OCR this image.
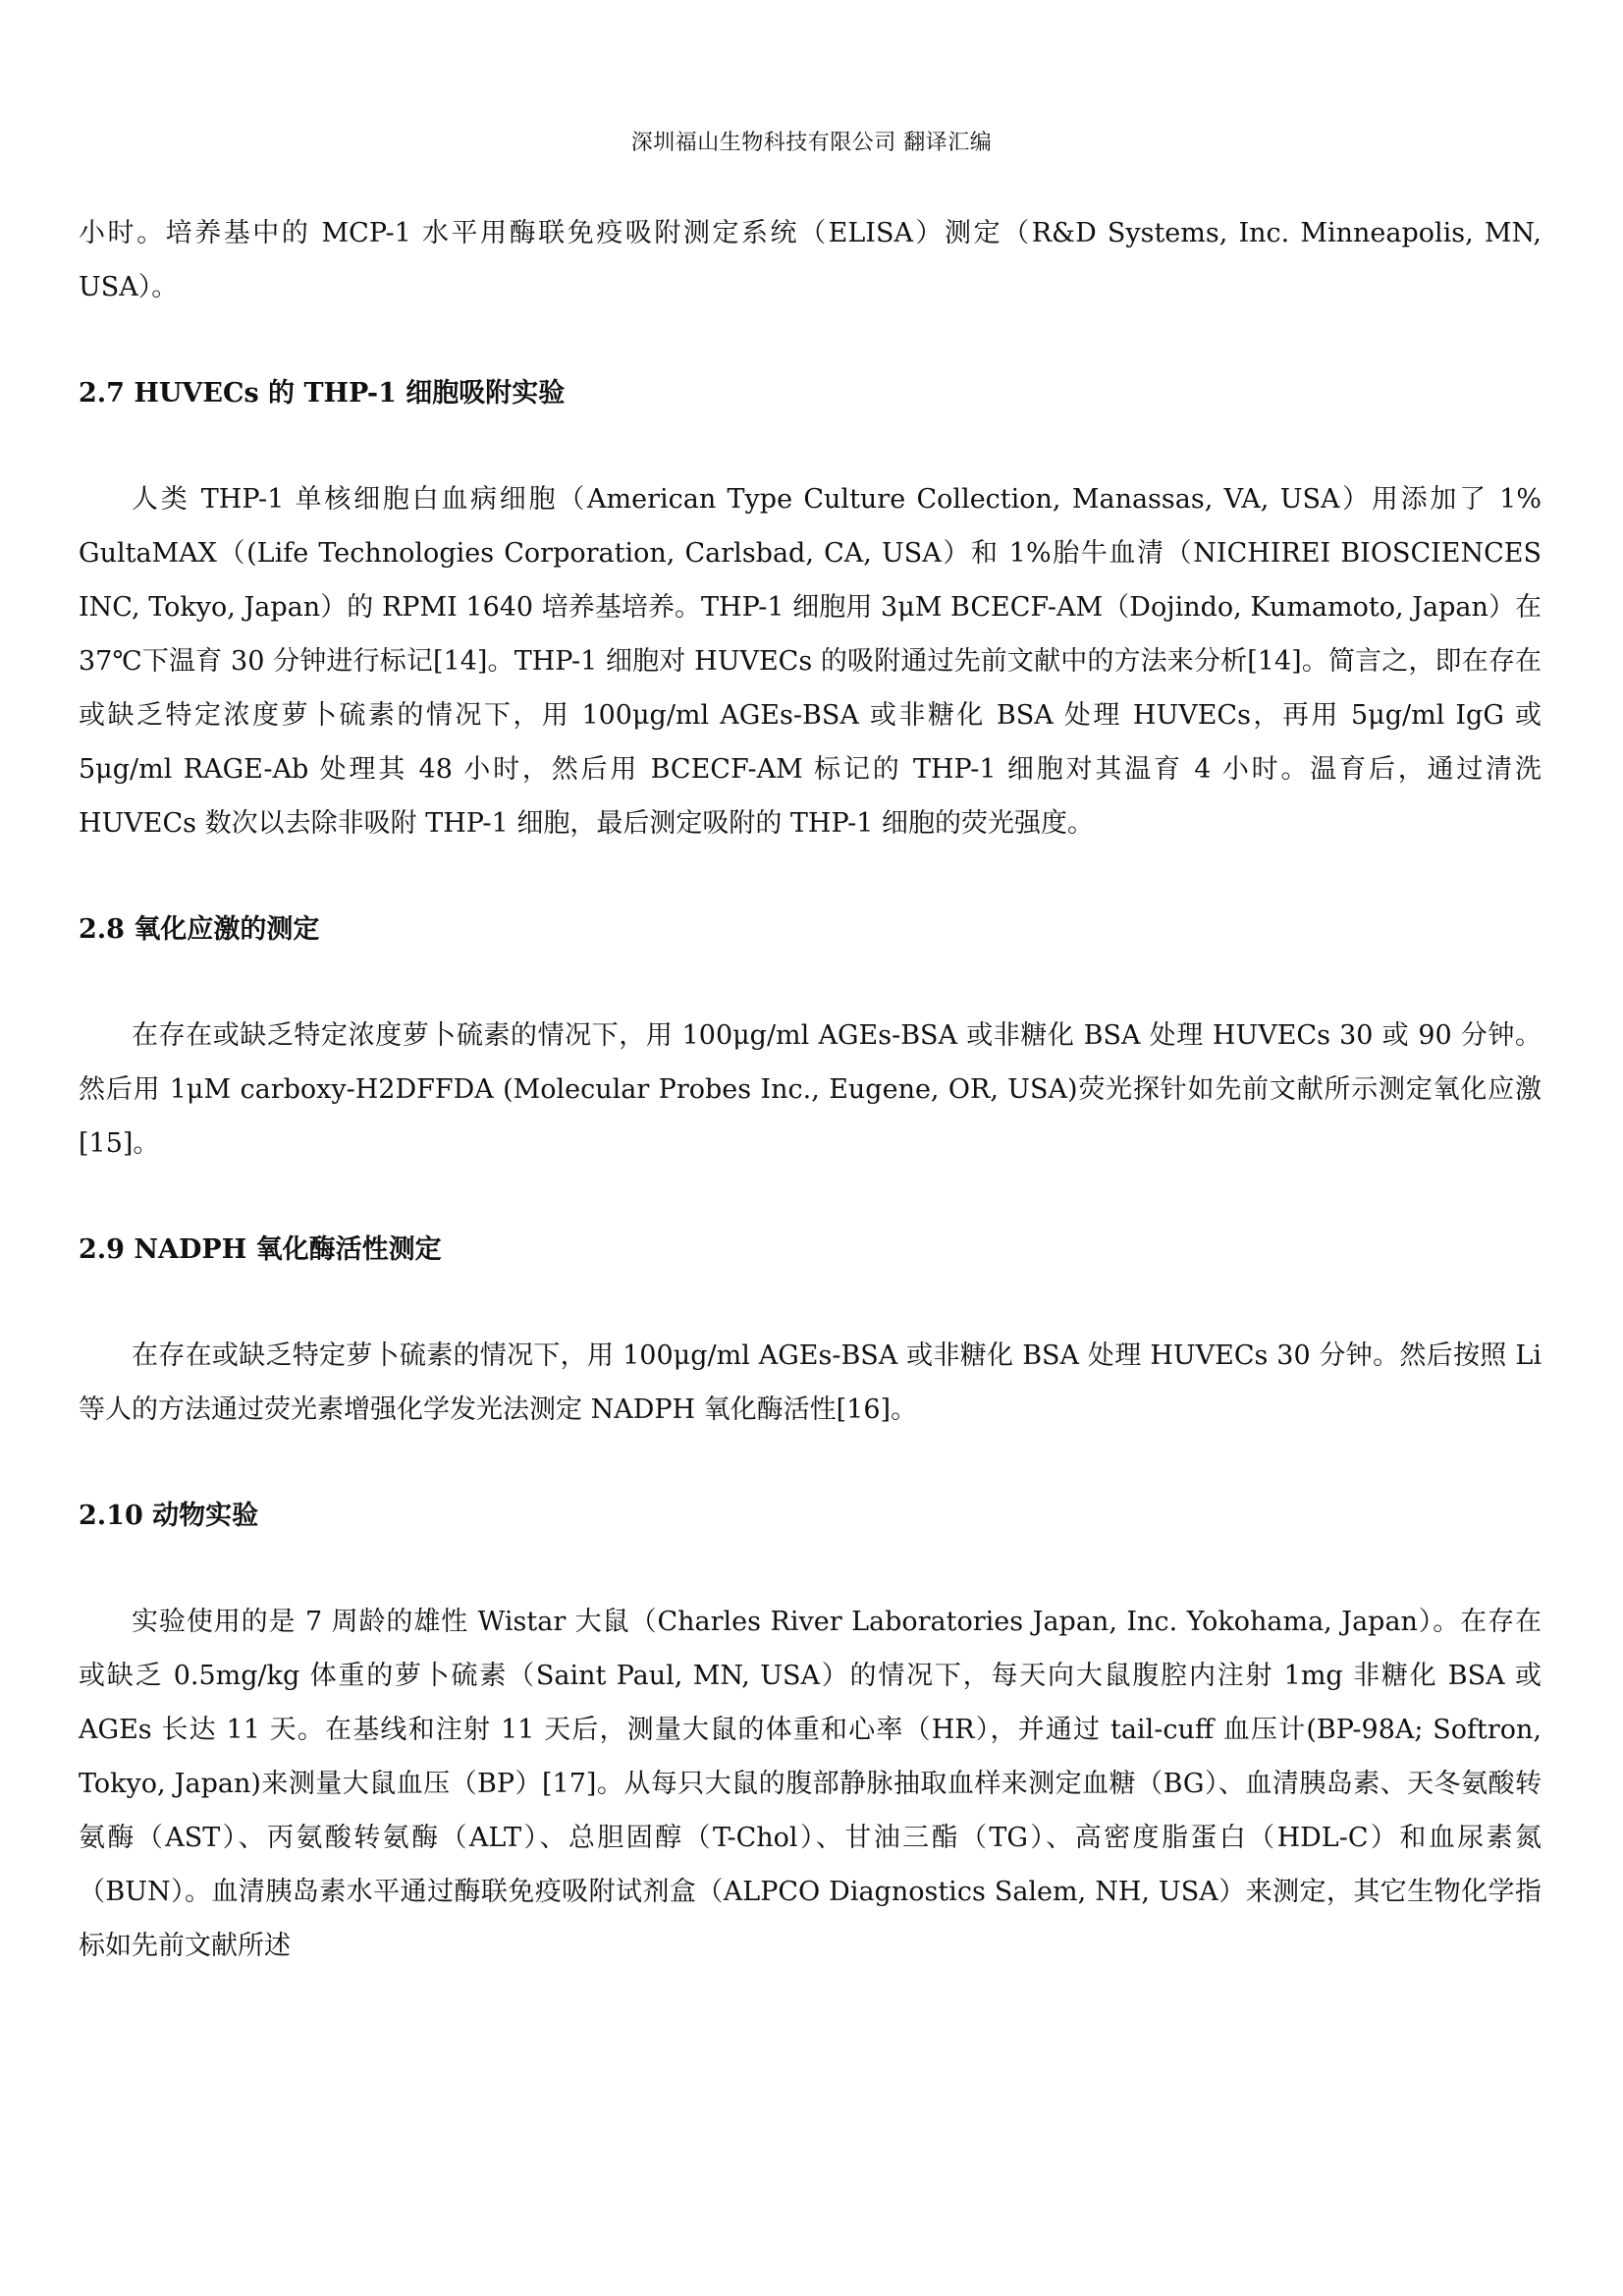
深圳福山生物科技有限公司 翻译汇编

小时。培养基中的 MCP-1 水平用酶联免疫吸附测定系统（ELISA）测定（R&D Systems, Inc. Minneapolis, MN, USA）。

2.7 HUVECs 的 THP-1 细胞吸附实验

人类 THP-1 单核细胞白血病细胞（American Type Culture Collection, Manassas, VA, USA）用添加了 1% GultaMAX（(Life Technologies Corporation, Carlsbad, CA, USA）和 1%胎牛血清（NICHIREI BIOSCIENCES INC, Tokyo, Japan）的 RPMI 1640 培养基培养。THP-1 细胞用 3μM BCECF-AM（Dojindo, Kumamoto, Japan）在 37℃下温育 30 分钟进行标记[14]。THP-1 细胞对 HUVECs 的吸附通过先前文献中的方法来分析[14]。简言之，即在存在或缺乏特定浓度萝卜硫素的情况下，用 100μg/ml AGEs-BSA 或非糖化 BSA 处理 HUVECs，再用 5μg/ml IgG 或 5μg/ml RAGE-Ab 处理其 48 小时，然后用 BCECF-AM 标记的 THP-1 细胞对其温育 4 小时。温育后，通过清洗 HUVECs 数次以去除非吸附 THP-1 细胞，最后测定吸附的 THP-1 细胞的荧光强度。

2.8 氧化应激的测定

在存在或缺乏特定浓度萝卜硫素的情况下，用 100μg/ml AGEs-BSA 或非糖化 BSA 处理 HUVECs 30 或 90 分钟。然后用 1μM carboxy-H2DFFDA (Molecular Probes Inc., Eugene, OR, USA)荧光探针如先前文献所示测定氧化应激[15]。

2.9 NADPH 氧化酶活性测定

在存在或缺乏特定萝卜硫素的情况下，用 100μg/ml AGEs-BSA 或非糖化 BSA 处理 HUVECs 30 分钟。然后按照 Li 等人的方法通过荧光素增强化学发光法测定 NADPH 氧化酶活性[16]。

2.10 动物实验

实验使用的是 7 周龄的雄性 Wistar 大鼠（Charles River Laboratories Japan, Inc. Yokohama, Japan）。在存在或缺乏 0.5mg/kg 体重的萝卜硫素（Saint Paul, MN, USA）的情况下，每天向大鼠腹腔内注射 1mg 非糖化 BSA 或 AGEs 长达 11 天。在基线和注射 11 天后，测量大鼠的体重和心率（HR），并通过 tail-cuff 血压计(BP-98A; Softron, Tokyo, Japan)来测量大鼠血压（BP）[17]。从每只大鼠的腹部静脉抽取血样来测定血糖（BG）、血清胰岛素、天冬氨酸转氨酶（AST）、丙氨酸转氨酶（ALT）、总胆固醇（T-Chol）、甘油三酯（TG）、高密度脂蛋白（HDL-C）和血尿素氮（BUN）。血清胰岛素水平通过酶联免疫吸附试剂盒（ALPCO Diagnostics Salem, NH, USA）来测定，其它生物化学指标如先前文献所述
